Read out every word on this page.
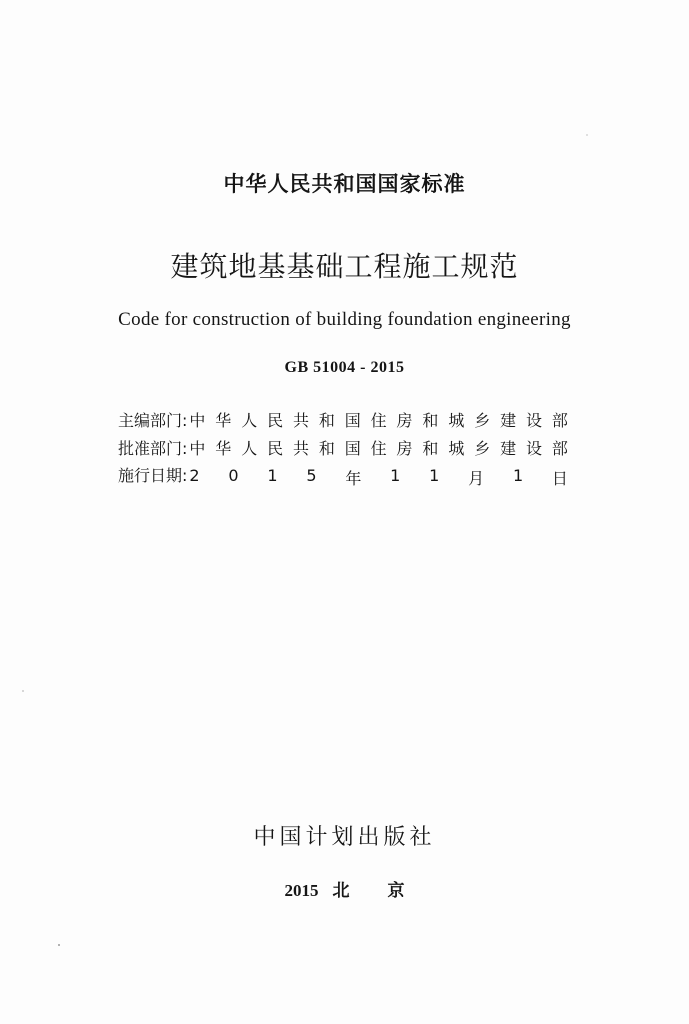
中华人民共和国国家标准
建筑地基基础工程施工规范
Code for construction of building foundation engineering
GB 51004 - 2015
主编部门 : 中 华 人 民 共 和 国 住 房 和 城 乡 建 设 部
批准部门 : 中 华 人 民 共 和 国 住 房 和 城 乡 建 设 部
施行日期 : 2 0 1 5 年 1 1 月 1 日
中国计划出版社
2015 北 京
